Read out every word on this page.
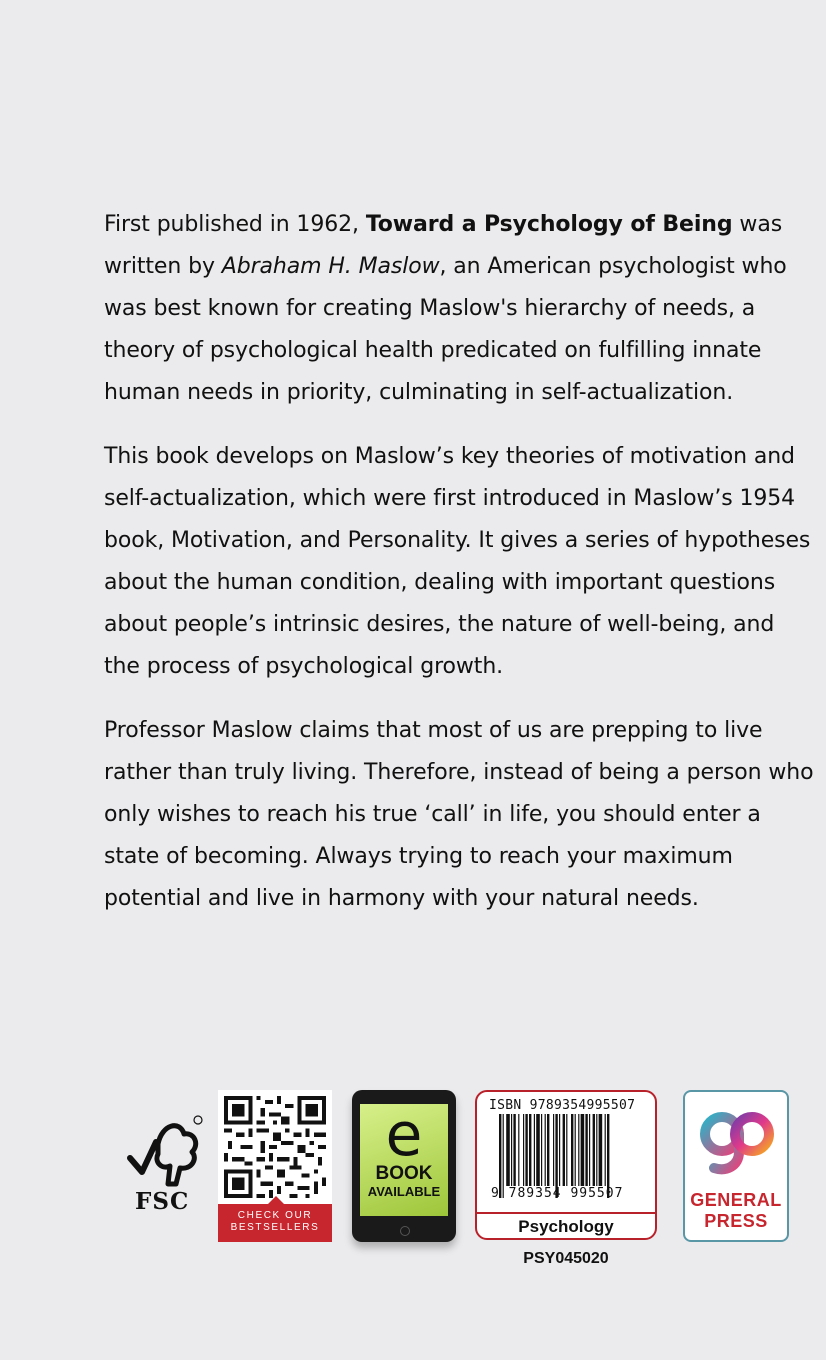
First published in 1962, Toward a Psychology of Being was written by Abraham H. Maslow, an American psychologist who was best known for creating Maslow's hierarchy of needs, a theory of psychological health predicated on fulfilling innate human needs in priority, culminating in self-actualization.

This book develops on Maslow’s key theories of motivation and self-actualization, which were first introduced in Maslow’s 1954 book, Motivation, and Personality. It gives a series of hypotheses about the human condition, dealing with important questions about people’s intrinsic desires, the nature of well-being, and the process of psychological growth.

Professor Maslow claims that most of us are prepping to live rather than truly living. Therefore, instead of being a person who only wishes to reach his true ‘call’ in life, you should enter a state of becoming. Always trying to reach your maximum potential and live in harmony with your natural needs.

FSC
CHECK OUR
BESTSELLERS
e
BOOK
AVAILABLE
ISBN 9789354995507
9 789354 995507
Psychology
PSY045020
GENERAL
PRESS
